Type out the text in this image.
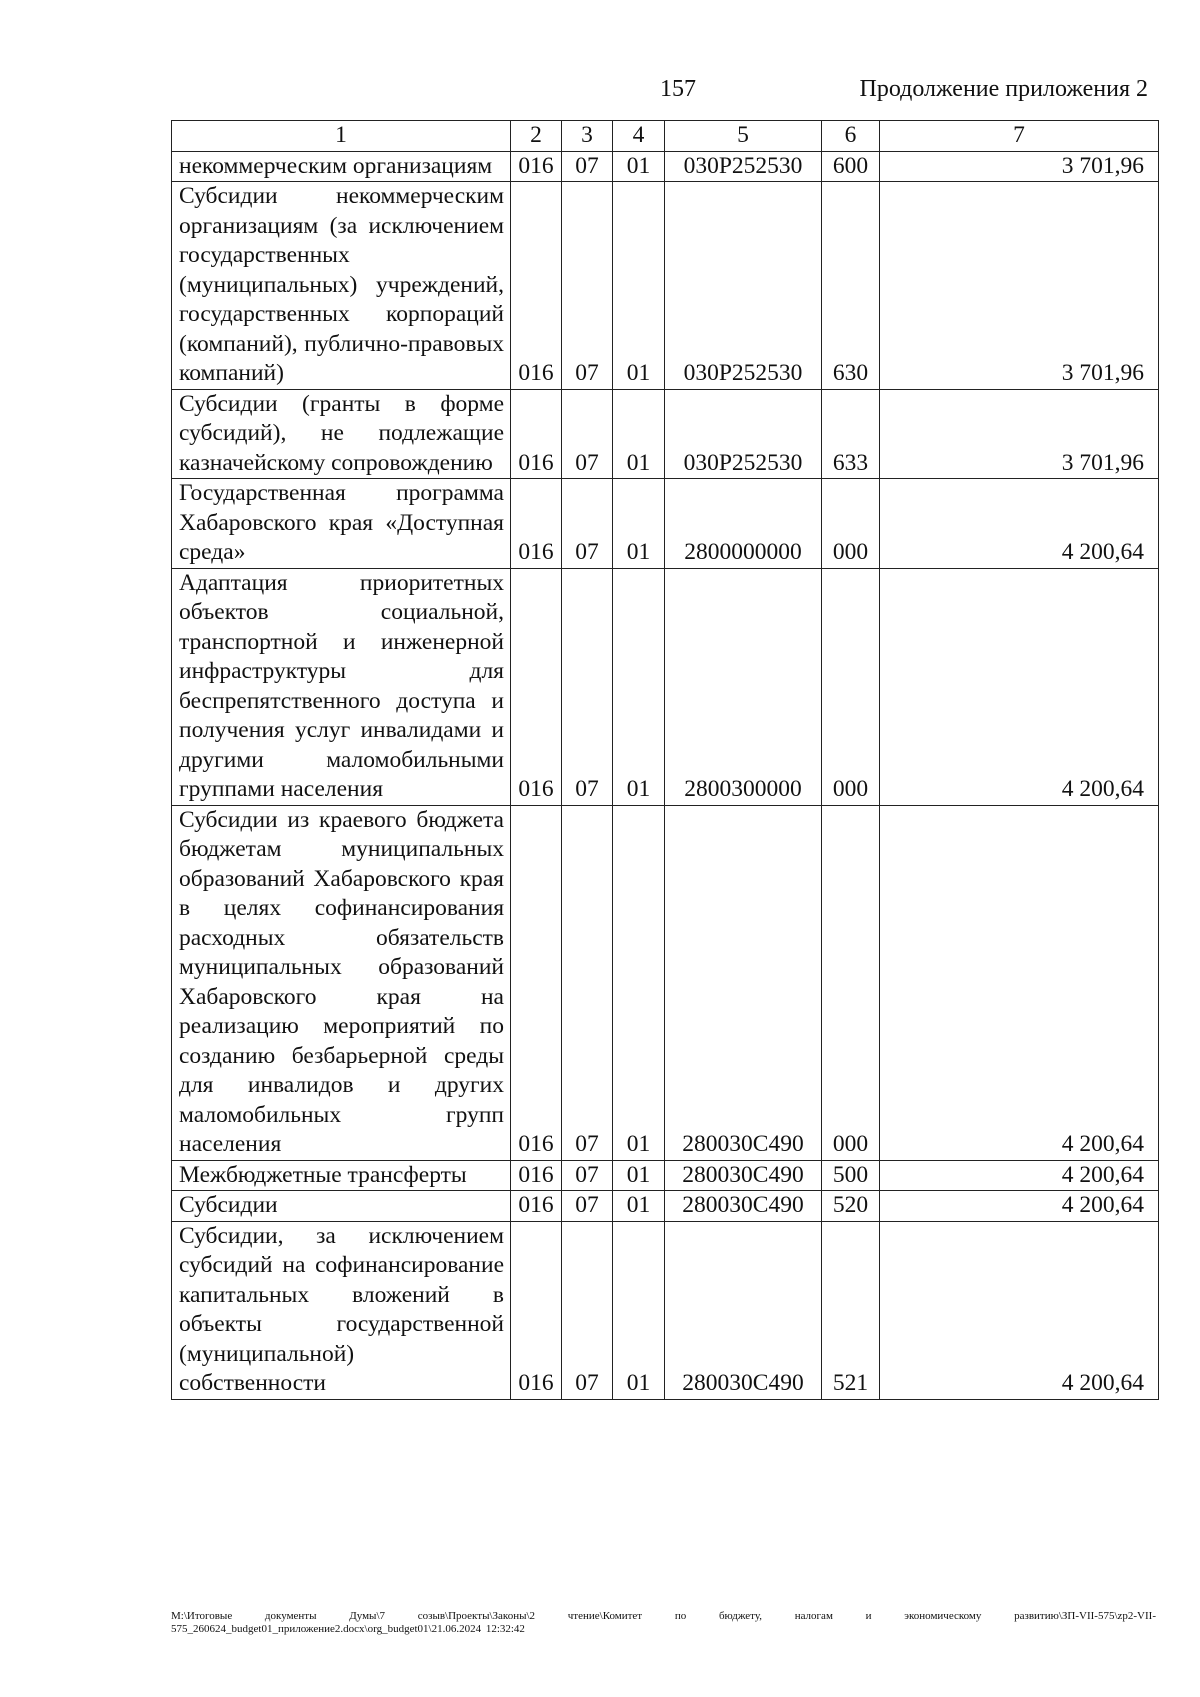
157	Продолжение приложения 2
1	2	3	4	5	6	7
некоммерческим организациям	016	07	01	030Р252530	600	3 701,96
Субсидии некоммерческим организациям (за исключением государственных (муниципальных) учреждений, государственных корпораций (компаний), публично-правовых компаний)	016	07	01	030Р252530	630	3 701,96
Субсидии (гранты в форме субсидий), не подлежащие казначейскому сопровождению	016	07	01	030Р252530	633	3 701,96
Государственная программа Хабаровского края «Доступная среда»	016	07	01	2800000000	000	4 200,64
Адаптация приоритетных объектов социальной, транспортной и инженерной инфраструктуры для беспрепятственного доступа и получения услуг инвалидами и другими маломобильными группами населения	016	07	01	2800300000	000	4 200,64
Субсидии из краевого бюджета бюджетам муниципальных образований Хабаровского края в целях софинансирования расходных обязательств муниципальных образований Хабаровского края на реализацию мероприятий по созданию безбарьерной среды для инвалидов и других маломобильных групп населения	016	07	01	280030С490	000	4 200,64
Межбюджетные трансферты	016	07	01	280030С490	500	4 200,64
Субсидии	016	07	01	280030С490	520	4 200,64
Субсидии, за исключением субсидий на софинансирование капитальных вложений в объекты государственной (муниципальной) собственности	016	07	01	280030С490	521	4 200,64
М:\Итоговые документы Думы\7 созыв\Проекты\Законы\2 чтение\Комитет по бюджету, налогам и экономическому развитию\ЗП-VII-575\zp2-VII-575_260624_budget01_приложение2.docx\org_budget01\21.06.2024 12:32:42
